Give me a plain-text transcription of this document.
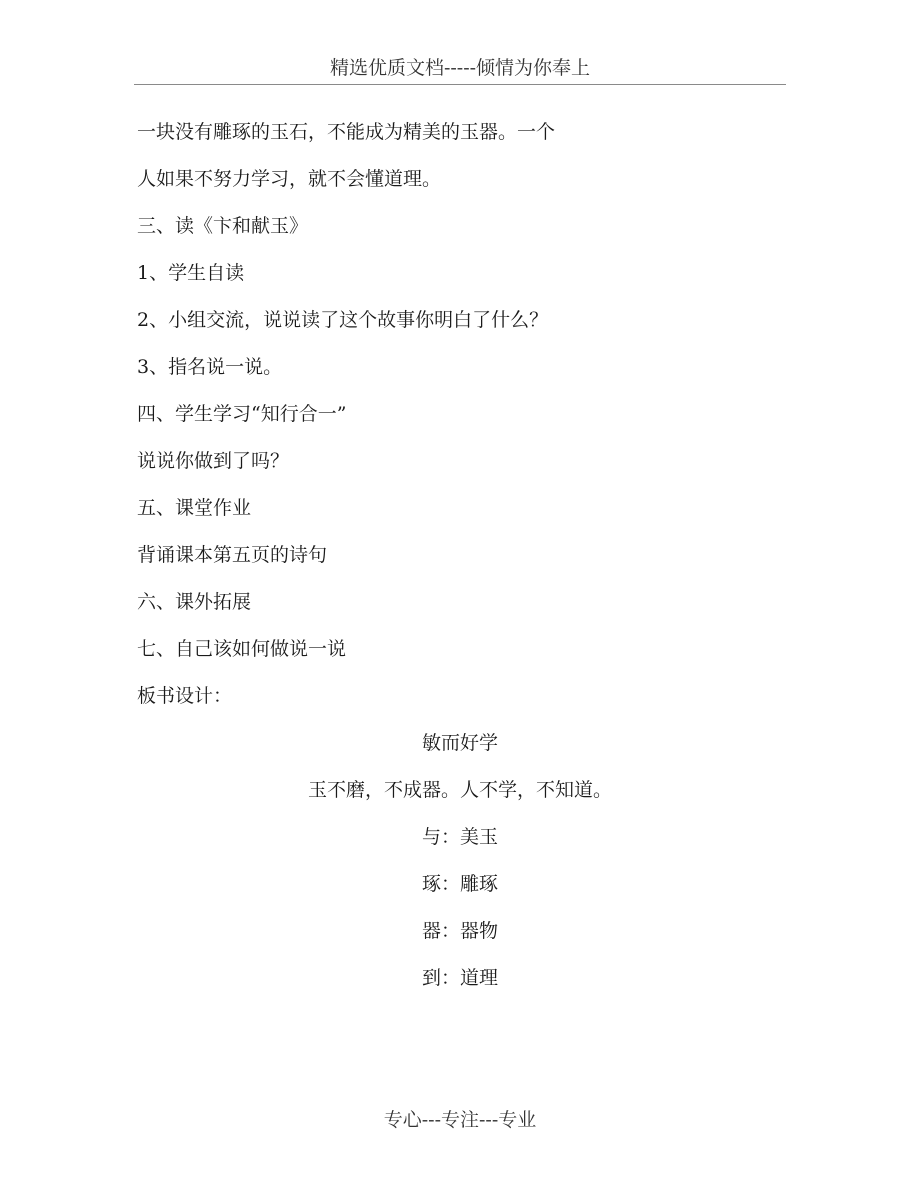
精选优质文档-----倾情为你奉上
一块没有雕琢的玉石，不能成为精美的玉器。一个
人如果不努力学习，就不会懂道理。
三、读《卞和献玉》
1、学生自读
2、小组交流，说说读了这个故事你明白了什么？
3、指名说一说。
四、学生学习“知行合一”
说说你做到了吗？
五、课堂作业
背诵课本第五页的诗句
六、课外拓展
七、自己该如何做说一说
板书设计：
敏而好学
玉不磨，不成器。人不学，不知道。
与：美玉
琢：雕琢
器：器物
到：道理
专心---专注---专业
